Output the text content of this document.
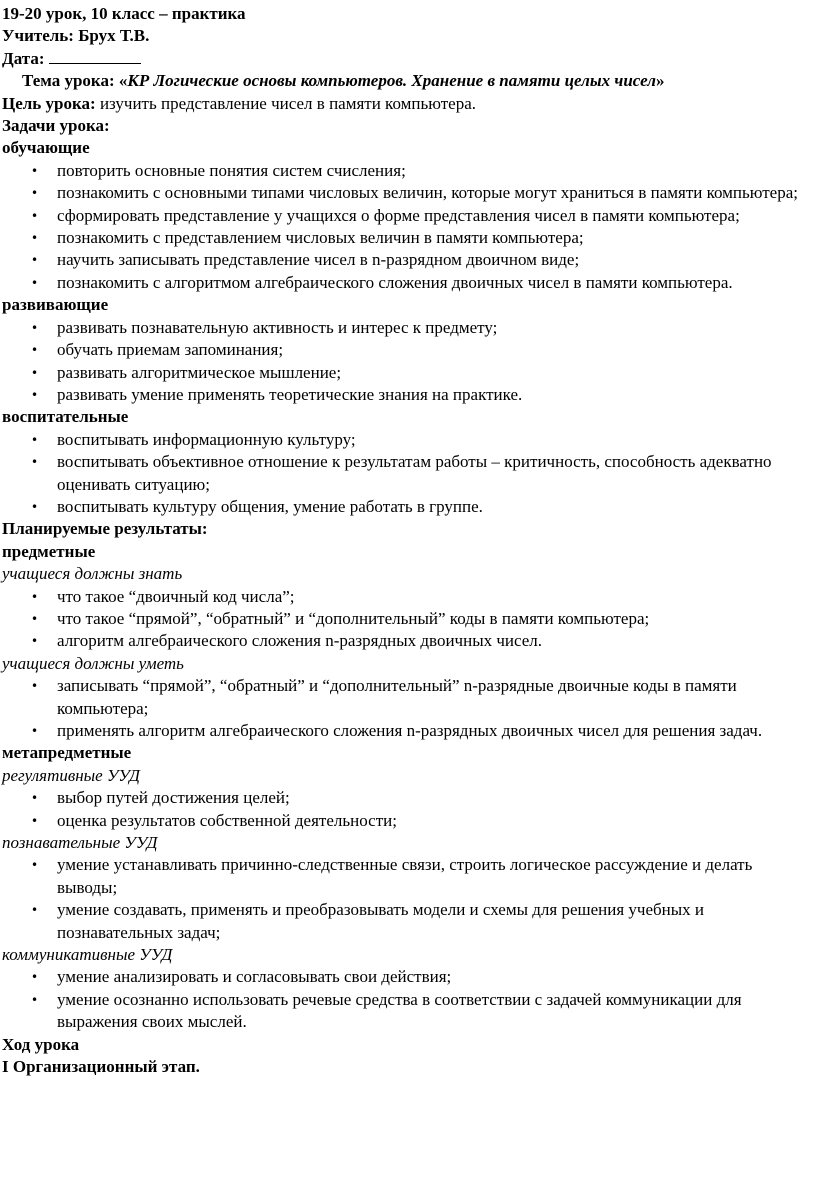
19-20 урок, 10 класс – практика
Учитель: Брух Т.В.
Дата:
Тема урока: «КР Логические основы компьютеров. Хранение в памяти целых чисел»
Цель урока: изучить представление чисел в памяти компьютера.
Задачи урока:
обучающие
• повторить основные понятия систем счисления;
• познакомить с основными типами числовых величин, которые могут храниться в памяти компьютера;
• сформировать представление у учащихся о форме представления чисел в памяти компьютера;
• познакомить с представлением числовых величин в памяти компьютера;
• научить записывать представление чисел в n-разрядном двоичном виде;
• познакомить с алгоритмом алгебраического сложения двоичных чисел в памяти компьютера.
развивающие
• развивать познавательную активность и интерес к предмету;
• обучать приемам запоминания;
• развивать алгоритмическое мышление;
• развивать умение применять теоретические знания на практике.
воспитательные
• воспитывать информационную культуру;
• воспитывать объективное отношение к результатам работы – критичность, способность адекватно оценивать ситуацию;
• воспитывать культуру общения, умение работать в группе.
Планируемые результаты:
предметные
учащиеся должны знать
• что такое “двоичный код числа”;
• что такое “прямой”, “обратный” и “дополнительный” коды в памяти компьютера;
• алгоритм алгебраического сложения n-разрядных двоичных чисел.
учащиеся должны уметь
• записывать “прямой”, “обратный” и “дополнительный” n-разрядные двоичные коды в памяти компьютера;
• применять алгоритм алгебраического сложения n-разрядных двоичных чисел для решения задач.
метапредметные
регулятивные УУД
• выбор путей достижения целей;
• оценка результатов собственной деятельности;
познавательные УУД
• умение устанавливать причинно-следственные связи, строить логическое рассуждение и делать выводы;
• умение создавать, применять и преобразовывать модели и схемы для решения учебных и познавательных задач;
коммуникативные УУД
• умение анализировать и согласовывать свои действия;
• умение осознанно использовать речевые средства в соответствии с задачей коммуникации для выражения своих мыслей.
Ход урока
I Организационный этап.
